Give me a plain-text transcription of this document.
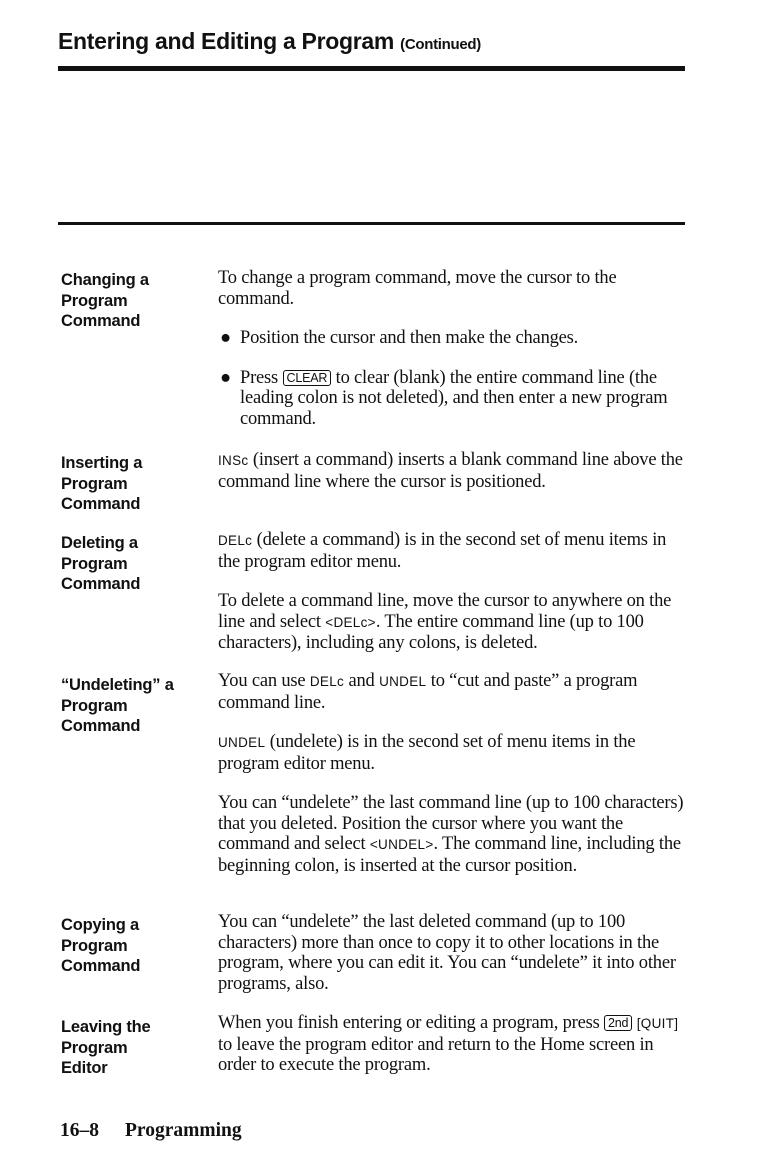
Entering and Editing a Program (Continued)
Changing a
Program
Command

To change a program command, move the cursor to the command.

● Position the cursor and then make the changes.

● Press CLEAR to clear (blank) the entire command line (the leading colon is not deleted), and then enter a new program command.

Inserting a
Program
Command

INSc (insert a command) inserts a blank command line above the command line where the cursor is positioned.

Deleting a
Program
Command

DELc (delete a command) is in the second set of menu items in the program editor menu.

To delete a command line, move the cursor to anywhere on the line and select <DELc>. The entire command line (up to 100 characters), including any colons, is deleted.

“Undeleting” a
Program
Command

You can use DELc and UNDEL to “cut and paste” a program command line.

UNDEL (undelete) is in the second set of menu items in the program editor menu.

You can “undelete” the last command line (up to 100 characters) that you deleted. Position the cursor where you want the command and select <UNDEL>. The command line, including the beginning colon, is inserted at the cursor position.

Copying a
Program
Command

You can “undelete” the last deleted command (up to 100 characters) more than once to copy it to other locations in the program, where you can edit it. You can “undelete” it into other programs, also.

Leaving the
Program
Editor

When you finish entering or editing a program, press 2nd [QUIT] to leave the program editor and return to the Home screen in order to execute the program.

16–8 Programming
